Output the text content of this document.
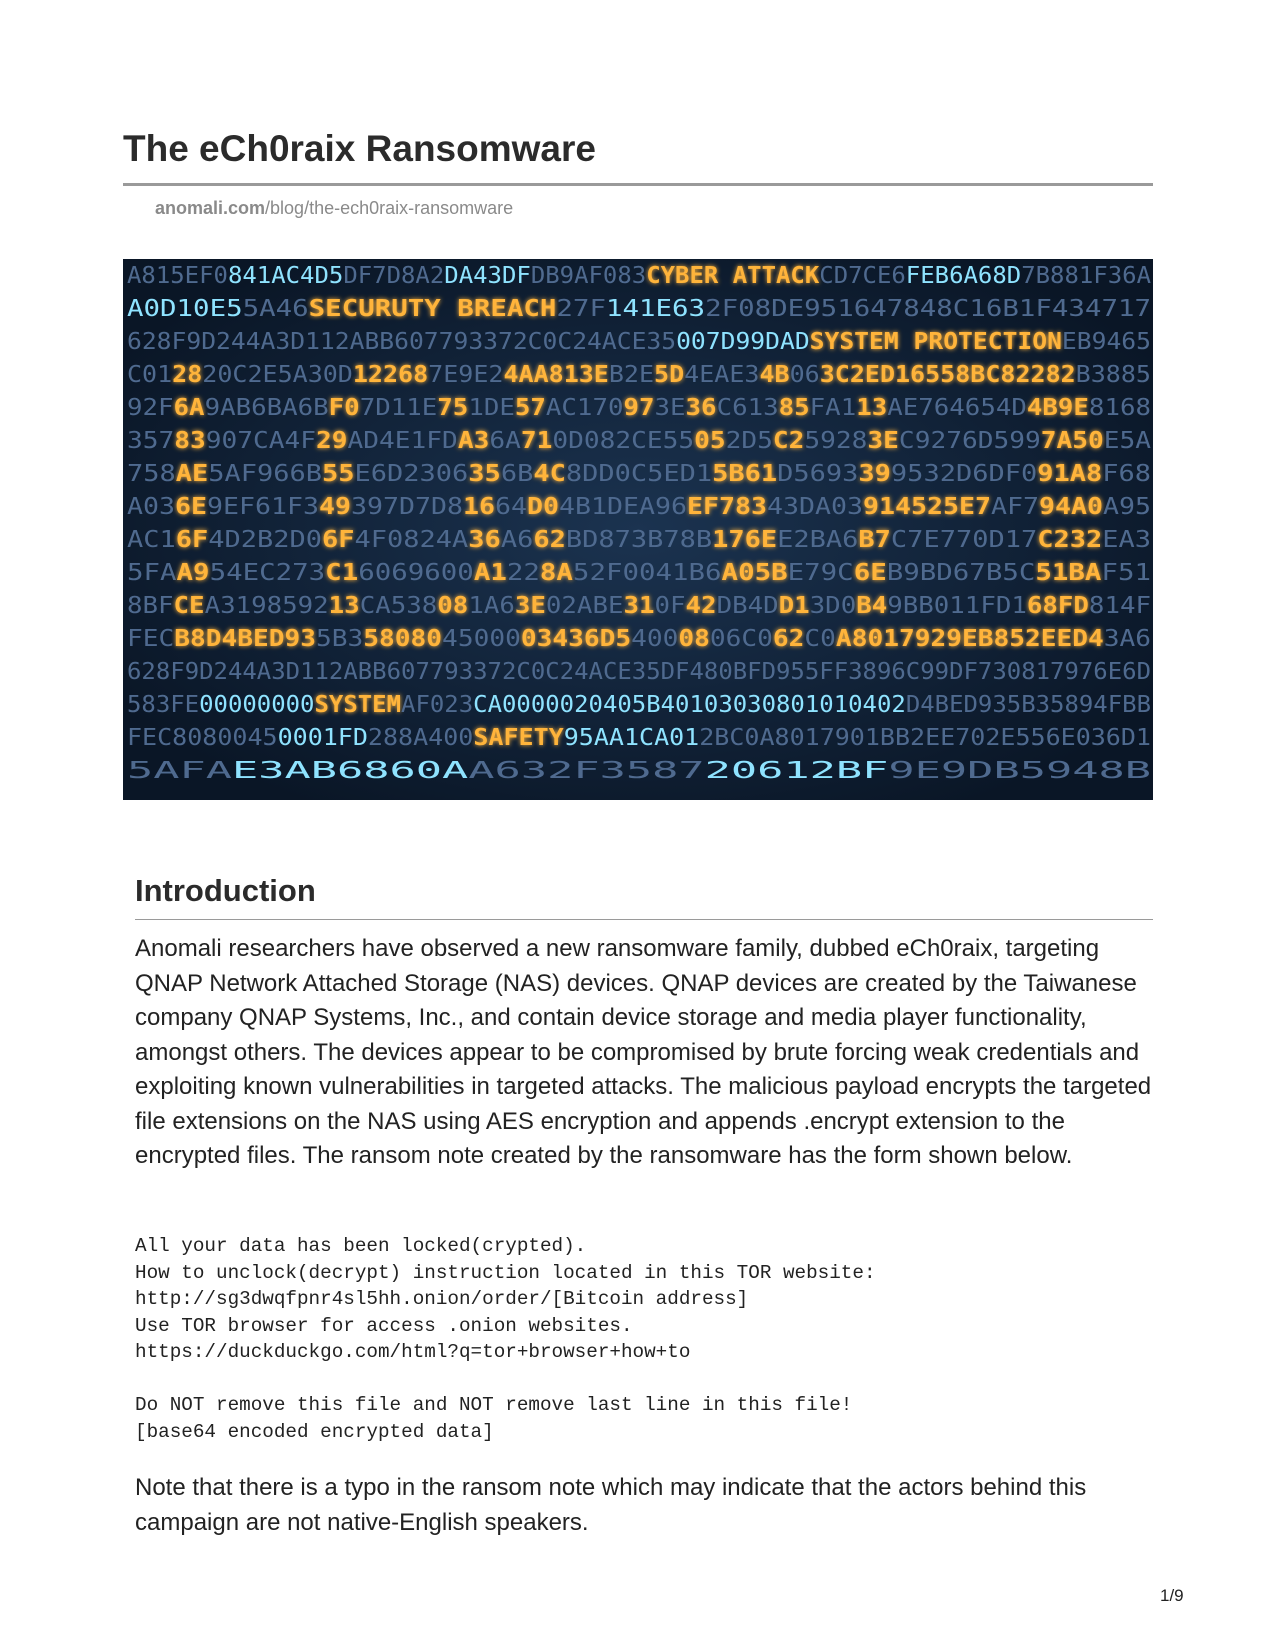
The eCh0raix Ransomware
anomali.com/blog/the-ech0raix-ransomware
A815EF0 841AC4D5 DF7D8A2 DA43DF DB9AF083 CYBER ATTACK CD7CE6 FEB6A68D 7B881F36A
A0D10E5 5A46 SECURUTY BREACH 27F 141E63 2F08DE951647848C16 B1F434717
628F9D244A3D112ABB607793372C0C24ACE35 007D99DAD SYSTEM PROTECTION EB9465
C01 28 20C2E5A30D 12268 7E9E2 4AA813E B2E 5D 4EAE3 4B 06 3C2ED1655 8BC82282 B3885
92F 6A 9AB6BA6B F0 7D11E 75 1DE 57 AC170 97 3E 36 C613 85 FA1 13 AE764654D 4B 9E 8168
357 83 907CA4F 29 AD4E1FD A3 6A 71 0D082CE55 05 2D5 C2 5928 3E C9276D599 7A 50 E5A
758 AE 5AF966B 55 E6D2306 35 6B 4C 8DD0C5ED1 5B 61 D5693 39 9532D6DF0 91 A8 F68
A03 6E 9EF61F3 49 397D7D8 16 64 D0 4B1DEA96 EF783 43DA03 914525E7 AF7 94 A0 A95
AC1 6F 4D2B2D0 6F 4F0824A 36 A6 62 BD873B78B 17 6E E2BA6 B7 C7E770D17 C2 32 EA3
5FA A9 54EC273 C1 6069600 A1 22 8A 52F0041B6 A0 5B E79C 6E B9BD67B5C 51 BA F51
8BF CE A3198592 13 CA538 08 1A6 3E 02ABE 31 0F 42 DB4D D1 3D0 B4 9BB011FD1 68 FD 814F
FEC B8D4BED93 5B3 58080 45000 03436D5 400 08 06C0 62 C0 A8017929E B852EED4 3A6
628F9D244A3D112ABB607793372C0C24ACE35DF480BFD955FF3896C99DF73081 7976E6D
583FE 00000000 SYSTEM AF023 CA0000020405B4010303 0801010402 D4BED935B35894FBB
FEC8080045 0001FD 288A400 SAFETY 95AA1CA01 2BC0A8017901BB2EE702 E556E036D1
5AFA E3AB6860A	A632F3587	20612BF	9E9DB5948B
Introduction

Anomali researchers have observed a new ransomware family, dubbed eCh0raix, targeting QNAP Network Attached Storage (NAS) devices. QNAP devices are created by the Taiwanese company QNAP Systems, Inc., and contain device storage and media player functionality, amongst others. The devices appear to be compromised by brute forcing weak credentials and exploiting known vulnerabilities in targeted attacks. The malicious payload encrypts the targeted file extensions on the NAS using AES encryption and appends .encrypt extension to the encrypted files. The ransom note created by the ransomware has the form shown below.

All your data has been locked(crypted).
How to unclock(decrypt) instruction located in this TOR website:
http://sg3dwqfpnr4sl5hh.onion/order/[Bitcoin address]
Use TOR browser for access .onion websites.
https://duckduckgo.com/html?q=tor+browser+how+to
Do NOT remove this file and NOT remove last line in this file!
[base64 encoded encrypted data]

Note that there is a typo in the ransom note which may indicate that the actors behind this campaign are not native-English speakers.

1/9
